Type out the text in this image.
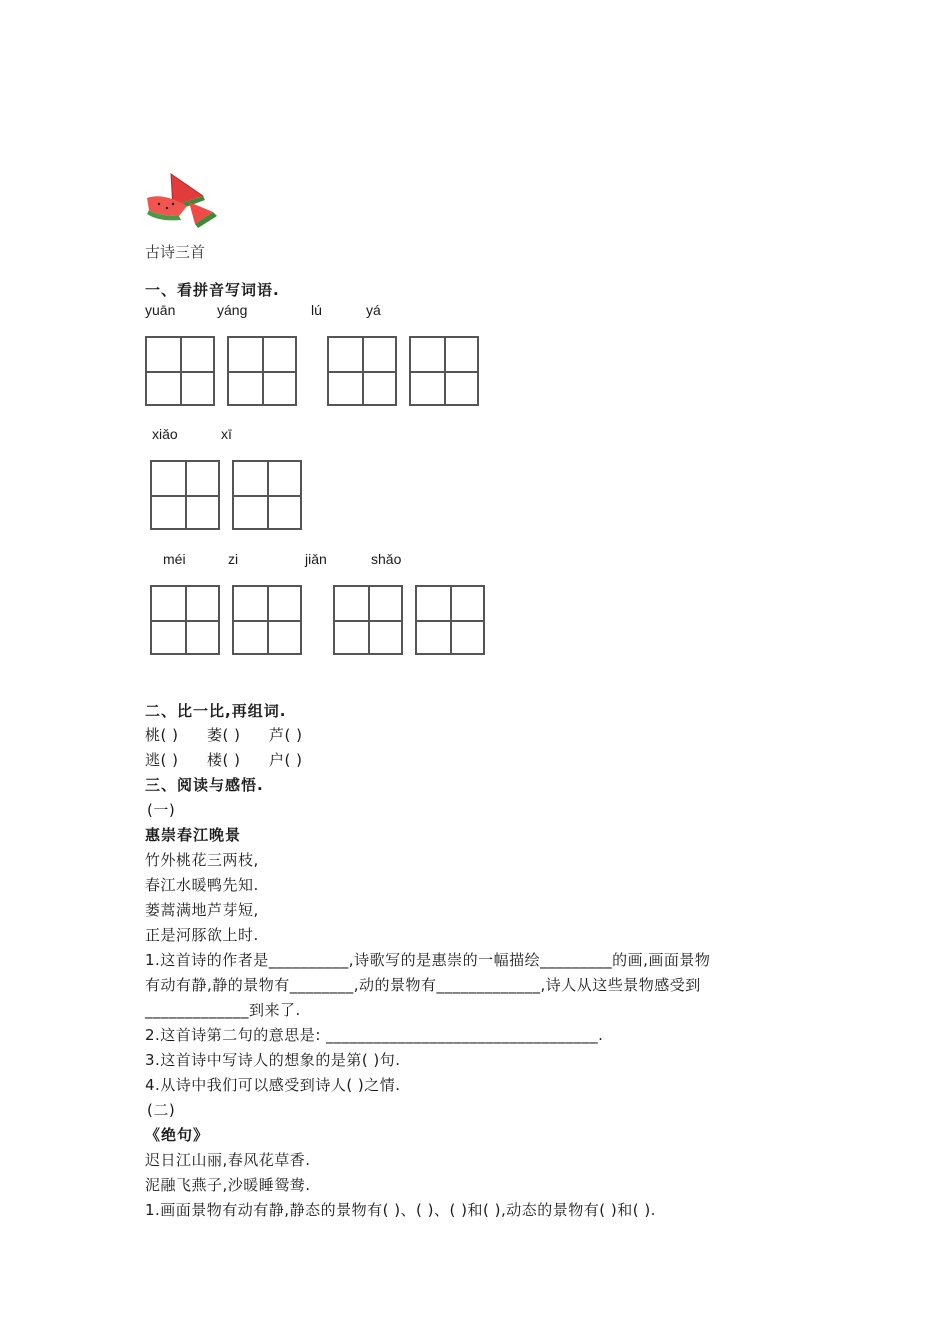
古诗三首
一、看拼音写词语.
yuān	yáng	lú	yá
xiǎo	xī
méi	zi	jiǎn	shǎo
二、比一比,再组词.
桃( ) 萎( ) 芦( )
逃( ) 楼( ) 户( )
三、阅读与感悟.
(一)
惠崇春江晚景
竹外桃花三两枝,
春江水暖鸭先知.
蒌蒿满地芦芽短,
正是河豚欲上时.
1.这首诗的作者是__________,诗歌写的是惠崇的一幅描绘_________的画,画面景物
有动有静,静的景物有________,动的景物有_____________,诗人从这些景物感受到
_____________到来了.
2.这首诗第二句的意思是: __________________________________.
3.这首诗中写诗人的想象的是第( )句.
4.从诗中我们可以感受到诗人( )之情.
(二)
《绝句》
迟日江山丽,春风花草香.
泥融飞燕子,沙暖睡鸳鸯.
1.画面景物有动有静,静态的景物有( )、( )、( )和( ),动态的景物有( )和( ).
